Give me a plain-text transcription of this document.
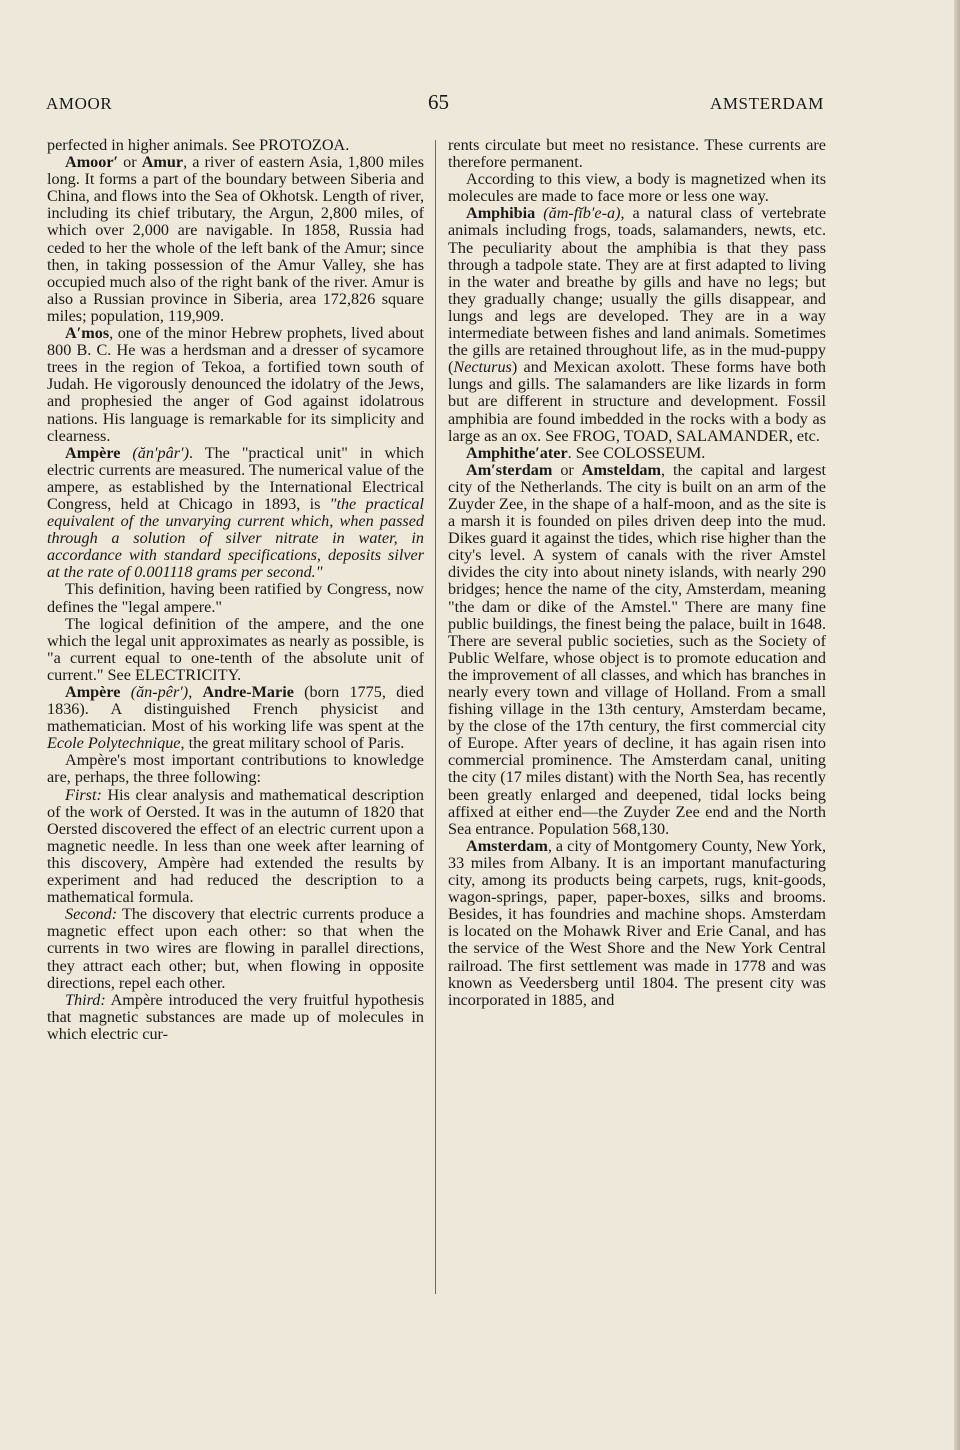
AMOOR	65	AMSTERDAM

perfected in higher animals. See PROTOZOA.

Amoor′ or Amur, a river of eastern Asia, 1,800 miles long. It forms a part of the boundary between Siberia and China, and flows into the Sea of Okhotsk. Length of river, including its chief tributary, the Argun, 2,800 miles, of which over 2,000 are navigable. In 1858, Russia had ceded to her the whole of the left bank of the Amur; since then, in taking possession of the Amur Valley, she has occupied much also of the right bank of the river. Amur is also a Russian province in Siberia, area 172,826 square miles; population, 119,909.

A′mos, one of the minor Hebrew prophets, lived about 800 B. C. He was a herdsman and a dresser of sycamore trees in the region of Tekoa, a fortified town south of Judah. He vigorously denounced the idolatry of the Jews, and prophesied the anger of God against idolatrous nations. His language is remarkable for its simplicity and clearness.

Ampère (ăn′pâr′). The "practical unit" in which electric currents are measured. The numerical value of the ampere, as established by the International Electrical Congress, held at Chicago in 1893, is "the practical equivalent of the unvarying current which, when passed through a solution of silver nitrate in water, in accordance with standard specifications, deposits silver at the rate of 0.001118 grams per second."

This definition, having been ratified by Congress, now defines the "legal ampere."

The logical definition of the ampere, and the one which the legal unit approximates as nearly as possible, is "a current equal to one-tenth of the absolute unit of current." See ELECTRICITY.

Ampère (ăn-pêr′), Andre-Marie (born 1775, died 1836). A distinguished French physicist and mathematician. Most of his working life was spent at the Ecole Polytechnique, the great military school of Paris.

Ampère's most important contributions to knowledge are, perhaps, the three following:

First: His clear analysis and mathematical description of the work of Oersted. It was in the autumn of 1820 that Oersted discovered the effect of an electric current upon a magnetic needle. In less than one week after learning of this discovery, Ampère had extended the results by experiment and had reduced the description to a mathematical formula.

Second: The discovery that electric currents produce a magnetic effect upon each other: so that when the currents in two wires are flowing in parallel directions, they attract each other; but, when flowing in opposite directions, repel each other.

Third: Ampère introduced the very fruitful hypothesis that magnetic substances are made up of molecules in which electric cur-

rents circulate but meet no resistance. These currents are therefore permanent.

According to this view, a body is magnetized when its molecules are made to face more or less one way.

Amphibia (ăm-fĭb′e-a), a natural class of vertebrate animals including frogs, toads, salamanders, newts, etc. The peculiarity about the amphibia is that they pass through a tadpole state. They are at first adapted to living in the water and breathe by gills and have no legs; but they gradually change; usually the gills disappear, and lungs and legs are developed. They are in a way intermediate between fishes and land animals. Sometimes the gills are retained throughout life, as in the mud-puppy (Necturus) and Mexican axolott. These forms have both lungs and gills. The salamanders are like lizards in form but are different in structure and development. Fossil amphibia are found imbedded in the rocks with a body as large as an ox. See FROG, TOAD, SALAMANDER, etc.

Amphithe′ater. See COLOSSEUM.

Am′sterdam or Amsteldam, the capital and largest city of the Netherlands. The city is built on an arm of the Zuyder Zee, in the shape of a half-moon, and as the site is a marsh it is founded on piles driven deep into the mud. Dikes guard it against the tides, which rise higher than the city's level. A system of canals with the river Amstel divides the city into about ninety islands, with nearly 290 bridges; hence the name of the city, Amsterdam, meaning "the dam or dike of the Amstel." There are many fine public buildings, the finest being the palace, built in 1648. There are several public societies, such as the Society of Public Welfare, whose object is to promote education and the improvement of all classes, and which has branches in nearly every town and village of Holland. From a small fishing village in the 13th century, Amsterdam became, by the close of the 17th century, the first commercial city of Europe. After years of decline, it has again risen into commercial prominence. The Amsterdam canal, uniting the city (17 miles distant) with the North Sea, has recently been greatly enlarged and deepened, tidal locks being affixed at either end—the Zuyder Zee end and the North Sea entrance. Population 568,130.

Amsterdam, a city of Montgomery County, New York, 33 miles from Albany. It is an important manufacturing city, among its products being carpets, rugs, knit-goods, wagon-springs, paper, paper-boxes, silks and brooms. Besides, it has foundries and machine shops. Amsterdam is located on the Mohawk River and Erie Canal, and has the service of the West Shore and the New York Central railroad. The first settlement was made in 1778 and was known as Veedersberg until 1804. The present city was incorporated in 1885, and
